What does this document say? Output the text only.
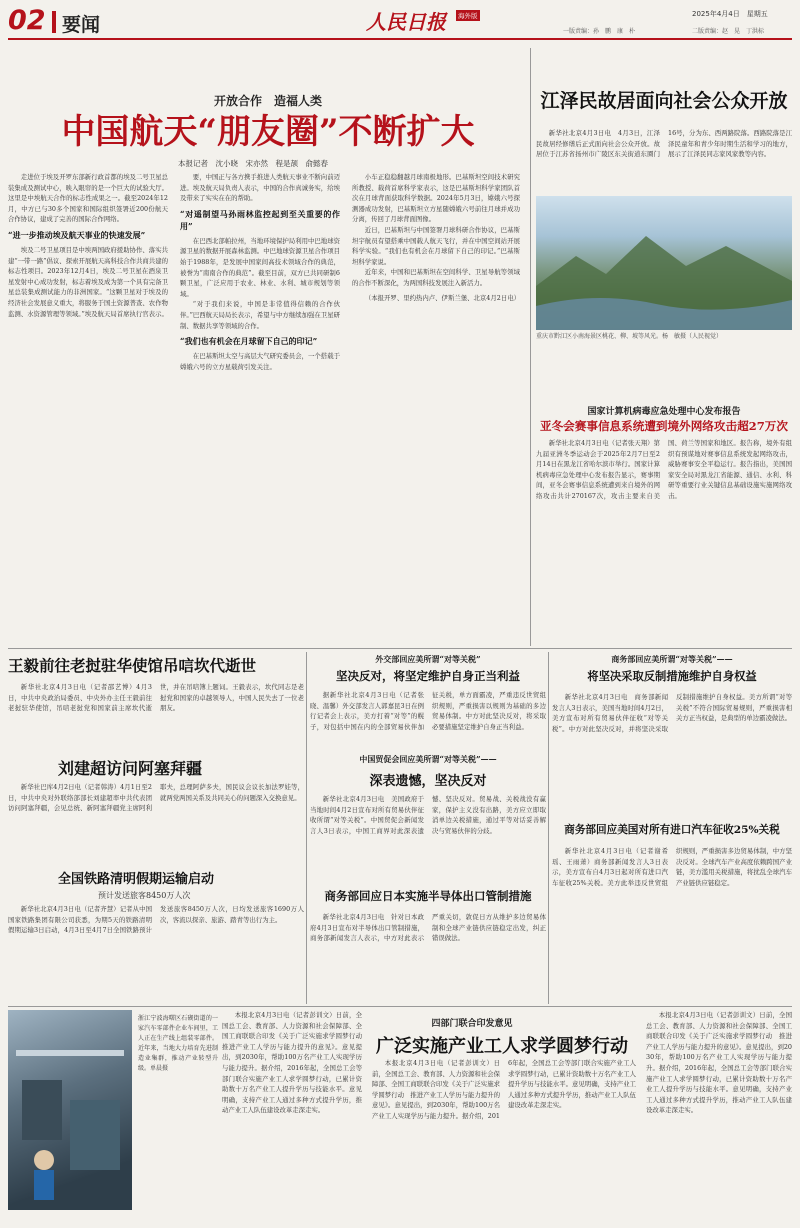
02 要闻	人民日报	海外版	2025年4月4日　星期五
一版责编：孙　鹏　康　朴	二版责编：赵　晃　丁洪标
开放合作　造福人类
中国航天“朋友圈”不断扩大
本报记者　沈小晓　宋亦然　程是颉　俞懿春

走进位于埃及开罗东部新行政首都的埃及二号卫星总装集成及测试中心，映入眼帘的是一个巨大的试验大厅。这里是中埃航天合作的标志性成果之一。截至2024年12月，中方已与30多个国家和国际组织签署近200份航天合作协议，建成了完善的国际合作网络。

“进一步推动埃及航天事业的快速发展”

埃及二号卫星项目是中埃两国政府援助协作、落实共建“一带一路”倡议、探索开展航天高科技合作共商共建的标志性项目。2023年12月4日，埃及二号卫星在酒泉卫星发射中心成功发射，标志着埃及成为第一个具有完备卫星总装集成测试能力的非洲国家。“这颗卫星对于埃及的经济社会发展意义重大，将服务于国土资源普查、农作物监测、水资源管理等领域。”埃及航天局首席执行官表示。

要，中国正与各方携手推进人类航天事业不断向前迈进。埃及航天局负责人表示，中国的合作真诚务实，给埃及带来了实实在在的帮助。

“对遥制望马孙雨林监控起到至关重要的作用”

在巴西北部帕拉州，当地环境保护局利用中巴地球资源卫星的数据开展森林监测。中巴地球资源卫星合作项目始于1988年，是发展中国家间高技术领域合作的典范，被誉为“南南合作的典范”。截至目前，双方已共同研制6颗卫星，广泛应用于农业、林业、水利、城市规划等领域。

“对于我们来说，中国是非常值得信赖的合作伙伴。”巴西航天局局长表示，希望与中方继续加强在卫星研制、数据共享等领域的合作。

“我们也有机会在月球留下自己的印记”

在巴基斯坦太空与高层大气研究委员会，一个搭载于嫦娥六号的立方星载荷引发关注。

小车正稳稳翻越月球南极地形。巴基斯坦空间技术研究所教授、载荷首席科学家表示，这是巴基斯坦科学家团队首次在月球背面获取科学数据。2024年5月3日，嫦娥六号探测器成功发射，巴基斯坦立方星随嫦娥六号前往月球并成功分离，传回了月球背面图像。

近日，巴基斯坦与中国签署月球科研合作协议，巴基斯坦宇航员有望搭乘中国载人航天飞行，并在中国空间站开展科学实验。“我们也有机会在月球留下自己的印记。”巴基斯坦科学家说。

近年来，中国和巴基斯坦在空间科学、卫星导航等领域的合作不断深化，为两国科技发展注入新活力。

（本报开罗、里约热内卢、伊斯兰堡、北京4月2日电）

江泽民故居面向社会公众开放

新华社北京4月3日电　4月3日，江泽民故居经修缮后正式面向社会公众开放。故居位于江苏省扬州市广陵区东关街道东圈门16号，分为东、西两路院落。西路院落是江泽民童年和青少年时期生活和学习的地方，展示了江泽民同志家风家教等内容。

重庆市黔江区小南海景区桃花、柳、坡等风光。杨　敏摄（人民视觉）
国家计算机病毒应急处理中心发布报告
亚冬会赛事信息系统遭到境外网络攻击超27万次

新华社北京4月3日电（记者张天翔）第九届亚洲冬季运动会于2025年2月7日至2月14日在黑龙江省哈尔滨市举行。国家计算机病毒应急处理中心发布报告显示，赛事期间，亚冬会赛事信息系统遭到来自境外的网络攻击共计270167次，攻击主要来自美国、荷兰等国家和地区。报告称，境外有组织有预谋地对赛事信息系统发起网络攻击，威胁赛事安全平稳运行。报告指出，美国国家安全局对黑龙江省能源、通信、水利、科研等重要行业关键信息基础设施实施网络攻击。

王毅前往老挝驻华使馆吊唁坎代逝世

新华社北京4月3日电（记者邵艺博）4月3日，中共中央政治局委员、中央外办主任王毅前往老挝驻华使馆，吊唁老挝党和国家前主席坎代逝世，并在吊唁簿上题词。王毅表示，坎代同志是老挝党和国家的卓越领导人，中国人民失去了一位老朋友。

刘建超访问阿塞拜疆

新华社巴库4月2日电（记者韩涛）4月1日至2日，中共中央对外联络部部长刘建超率中共代表团访问阿塞拜疆，会见总统、新阿塞拜疆党主席阿利耶夫，总理阿萨多夫，国民议会议长加法罗娃等，就两党两国关系及共同关心的问题深入交换意见。

全国铁路清明假期运输启动
预计发送旅客8450万人次

新华社北京4月3日电（记者齐慧）记者从中国国家铁路集团有限公司获悉，为期5天的铁路清明假期运输3日启动，4月3日至4月7日全国铁路预计发送旅客8450万人次，日均发送旅客1690万人次，客流以探亲、旅游、踏青等出行为主。

外交部回应美所谓“对等关税”
坚决反对，将坚定维护自身正当利益

据新华社北京4月3日电（记者张晓、温馨）外交部发言人郭嘉昆3日在例行记者会上表示，美方打着“对等”的幌子，对包括中国在内的全部贸易伙伴加征关税，单方面霸凌，严重违反世贸组织规则，严重损害以规则为基础的多边贸易体制。中方对此坚决反对，将采取必要措施坚定维护自身正当利益。

中国贸促会回应美所谓“对等关税”——
深表遗憾，坚决反对

新华社北京4月3日电　美国政府于当地时间4月2日宣布对所有贸易伙伴征收所谓“对等关税”。中国贸促会新闻发言人3日表示，中国工商界对此深表遗憾、坚决反对。贸易战、关税战没有赢家，保护主义没有出路，美方应立即取消单边关税措施，通过平等对话妥善解决与贸易伙伴的分歧。

商务部回应日本实施半导体出口管制措施

新华社北京4月3日电　针对日本政府4月3日宣布对半导体出口管制措施，商务部新闻发言人表示，中方对此表示严重关切，敦促日方从维护多边贸易体制和全球产业链供应链稳定出发，纠正错误做法。

商务部回应美所谓“对等关税”——
将坚决采取反制措施维护自身权益

新华社北京4月3日电　商务部新闻发言人3日表示，美国当地时间4月2日，美方宣布对所有贸易伙伴征收“对等关税”。中方对此坚决反对，并将坚决采取反制措施维护自身权益。美方所谓“对等关税”不符合国际贸易规则，严重损害相关方正当权益，是典型的单边霸凌做法。

商务部回应美国对所有进口汽车征收25%关税

新华社北京4月3日电（记者谢希瑶、王雨萧）商务部新闻发言人3日表示，美方宣布自4月3日起对所有进口汽车征收25%关税。美方此举违反世贸组织规则，严重损害多边贸易体制，中方坚决反对。全球汽车产业高度依赖跨国产业链，美方滥用关税措施，将扰乱全球汽车产业链供应链稳定。

浙江宁波海曙区石碶街道的一家汽车零部件企业车间里，工人正在生产线上组装零部件。近年来，当地大力培育先进制造业集群，推动产业转型升级。单晨摄
四部门联合印发意见
广泛实施产业工人求学圆梦行动

本报北京4月3日电（记者彭训文）日前，全国总工会、教育部、人力资源和社会保障部、全国工商联联合印发《关于广泛实施求学圆梦行动　推进产业工人学历与能力提升的意见》。意见提出，到2030年，帮助100万名产业工人实现学历与能力提升。据介绍，2016年起，全国总工会等部门联合实施产业工人求学圆梦行动，已累计资助数十万名产业工人提升学历与技能水平。意见明确，支持产业工人通过多种方式提升学历，推动产业工人队伍建设改革走深走实。

本报北京4月3日电（记者彭训文）日前，全国总工会、教育部、人力资源和社会保障部、全国工商联联合印发《关于广泛实施求学圆梦行动　推进产业工人学历与能力提升的意见》。意见提出，到2030年，帮助100万名产业工人实现学历与能力提升。据介绍，2016年起，全国总工会等部门联合实施产业工人求学圆梦行动，已累计资助数十万名产业工人提升学历与技能水平。意见明确，支持产业工人通过多种方式提升学历，推动产业工人队伍建设改革走深走实。

本报北京4月3日电（记者彭训文）日前，全国总工会、教育部、人力资源和社会保障部、全国工商联联合印发《关于广泛实施求学圆梦行动　推进产业工人学历与能力提升的意见》。意见提出，到2030年，帮助100万名产业工人实现学历与能力提升。据介绍，2016年起，全国总工会等部门联合实施产业工人求学圆梦行动，已累计资助数十万名产业工人提升学历与技能水平。意见明确，支持产业工人通过多种方式提升学历，推动产业工人队伍建设改革走深走实。
